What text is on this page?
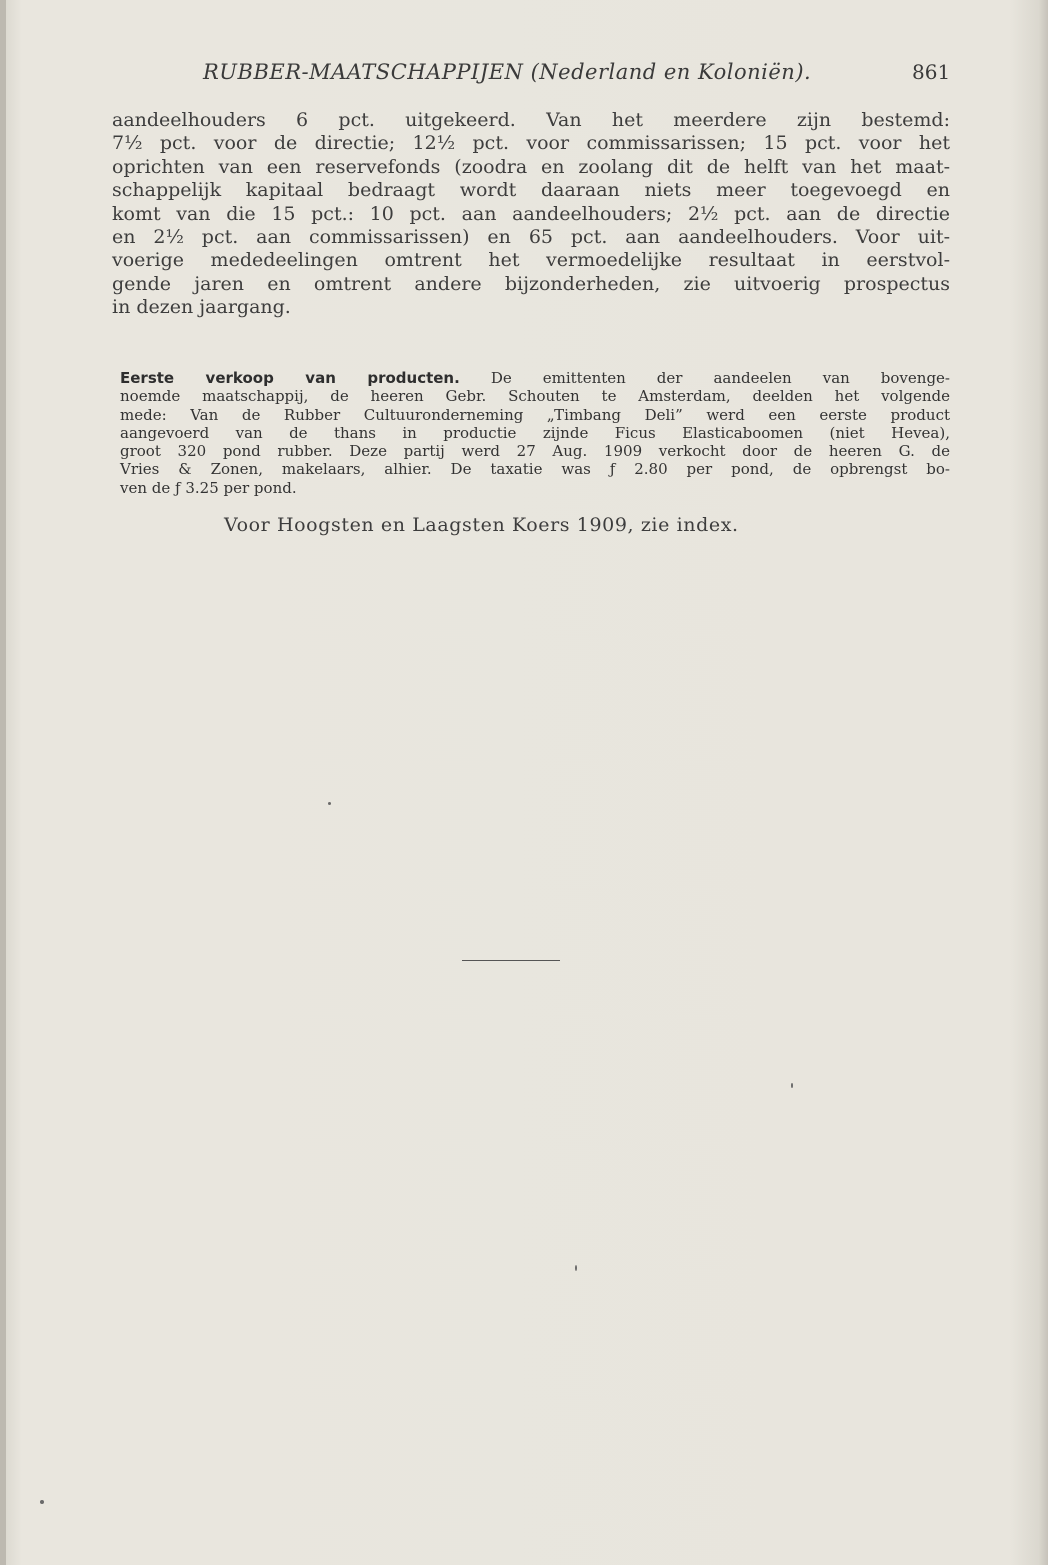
RUBBER-MAATSCHAPPIJEN (Nederland en Koloniën).	861
aandeelhouders 6 pct. uitgekeerd. Van het meerdere zijn bestemd:
7½ pct. voor de directie; 12½ pct. voor commissarissen; 15 pct. voor het
oprichten van een reservefonds (zoodra en zoolang dit de helft van het maat-
schappelijk kapitaal bedraagt wordt daaraan niets meer toegevoegd en
komt van die 15 pct.: 10 pct. aan aandeelhouders; 2½ pct. aan de directie
en 2½ pct. aan commissarissen) en 65 pct. aan aandeelhouders. Voor uit-
voerige mededeelingen omtrent het vermoedelijke resultaat in eerstvol-
gende jaren en omtrent andere bijzonderheden, zie uitvoerig prospectus
in dezen jaargang.
Eerste verkoop van producten. De emittenten der aandeelen van bovenge-
noemde maatschappij, de heeren Gebr. Schouten te Amsterdam, deelden het volgende
mede: Van de Rubber Cultuuronderneming „Timbang Deli” werd een eerste product
aangevoerd van de thans in productie zijnde Ficus Elasticaboomen (niet Hevea),
groot 320 pond rubber. Deze partij werd 27 Aug. 1909 verkocht door de heeren G. de
Vries & Zonen, makelaars, alhier. De taxatie was ƒ 2.80 per pond, de opbrengst bo-
ven de ƒ 3.25 per pond.
Voor Hoogsten en Laagsten Koers 1909, zie index.
